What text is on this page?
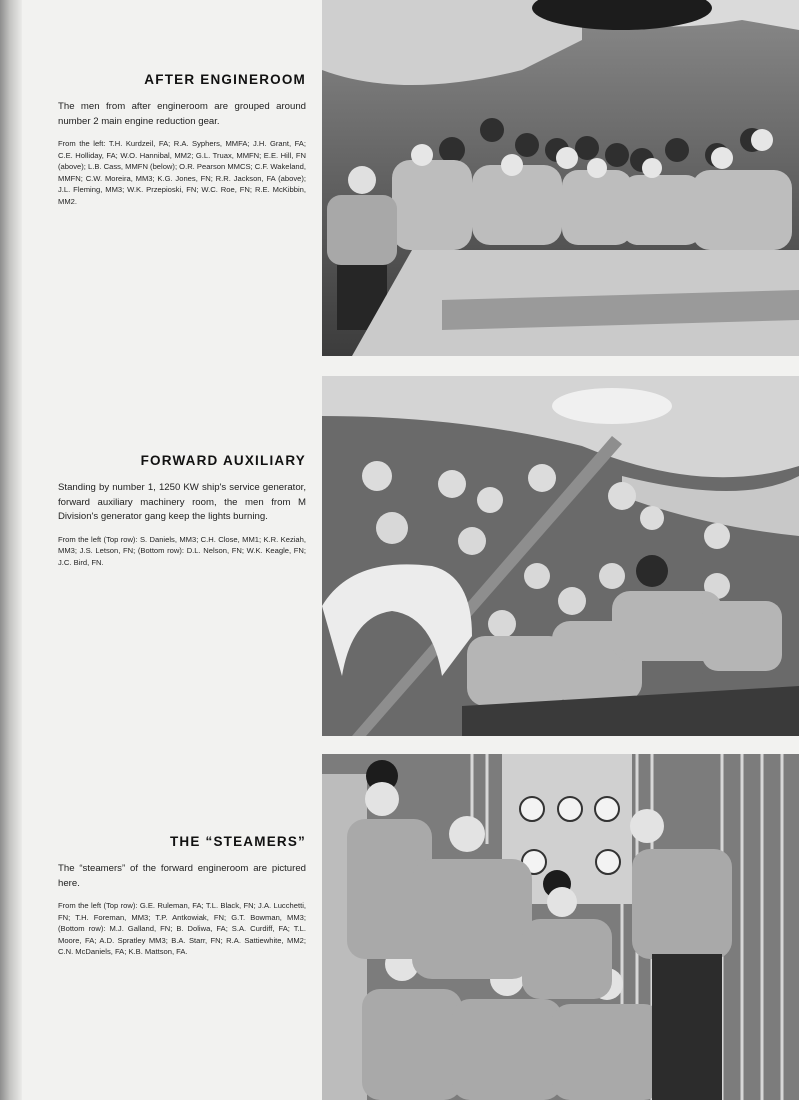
AFTER ENGINEROOM

The men from after engineroom are grouped around number 2 main engine reduction gear.

From the left: T.H. Kurdzeil, FA; R.A. Syphers, MMFA; J.H. Grant, FA; C.E. Holliday, FA; W.O. Hannibal, MM2; G.L. Truax, MMFN; E.E. Hill, FN (above); L.B. Cass, MMFN (below); O.R. Pearson MMCS; C.F. Wakeland, MMFN; C.W. Moreira, MM3; K.G. Jones, FN; R.R. Jackson, FA (above); J.L. Fleming, MM3; W.K. Przepioski, FN; W.C. Roe, FN; R.E. McKibbin, MM2.

FORWARD AUXILIARY

Standing by number 1, 1250 KW ship's service generator, forward auxiliary machinery room, the men from M Division's generator gang keep the lights burning.

From the left (Top row): S. Daniels, MM3; C.H. Close, MM1; K.R. Keziah, MM3; J.S. Letson, FN; (Bottom row): D.L. Nelson, FN; W.K. Keagle, FN; J.C. Bird, FN.

THE “STEAMERS”

The “steamers” of the forward engineroom are pictured here.

From the left (Top row): G.E. Ruleman, FA; T.L. Black, FN; J.A. Lucchetti, FN; T.H. Foreman, MM3; T.P. Antkowiak, FN; G.T. Bowman, MM3; (Bottom row): M.J. Galland, FN; B. Doliwa, FA; S.A. Curdiff, FA; T.L. Moore, FA; A.D. Spratley MM3; B.A. Starr, FN; R.A. Sattiewhite, MM2; C.N. McDaniels, FA; K.B. Mattson, FA.
